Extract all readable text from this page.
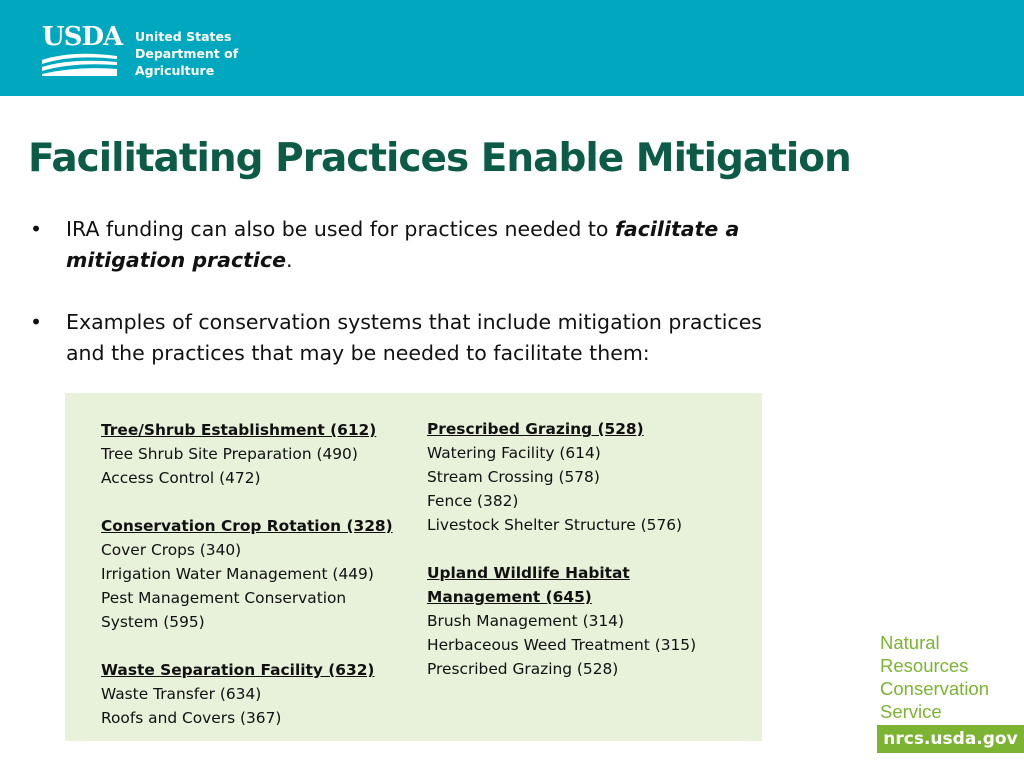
USDA United States
Department of
Agriculture
Facilitating Practices Enable Mitigation
• IRA funding can also be used for practices needed to facilitate a
mitigation practice.
• Examples of conservation systems that include mitigation practices
and the practices that may be needed to facilitate them:
Tree/Shrub Establishment (612)
Tree Shrub Site Preparation (490)
Access Control (472)
Conservation Crop Rotation (328)
Cover Crops (340)
Irrigation Water Management (449)
Pest Management Conservation
System (595)
Waste Separation Facility (632)
Waste Transfer (634)
Roofs and Covers (367)
Prescribed Grazing (528)
Watering Facility (614)
Stream Crossing (578)
Fence (382)
Livestock Shelter Structure (576)
Upland Wildlife Habitat
Management (645)
Brush Management (314)
Herbaceous Weed Treatment (315)
Prescribed Grazing (528)
Natural
Resources
Conservation
Service
nrcs.usda.gov
